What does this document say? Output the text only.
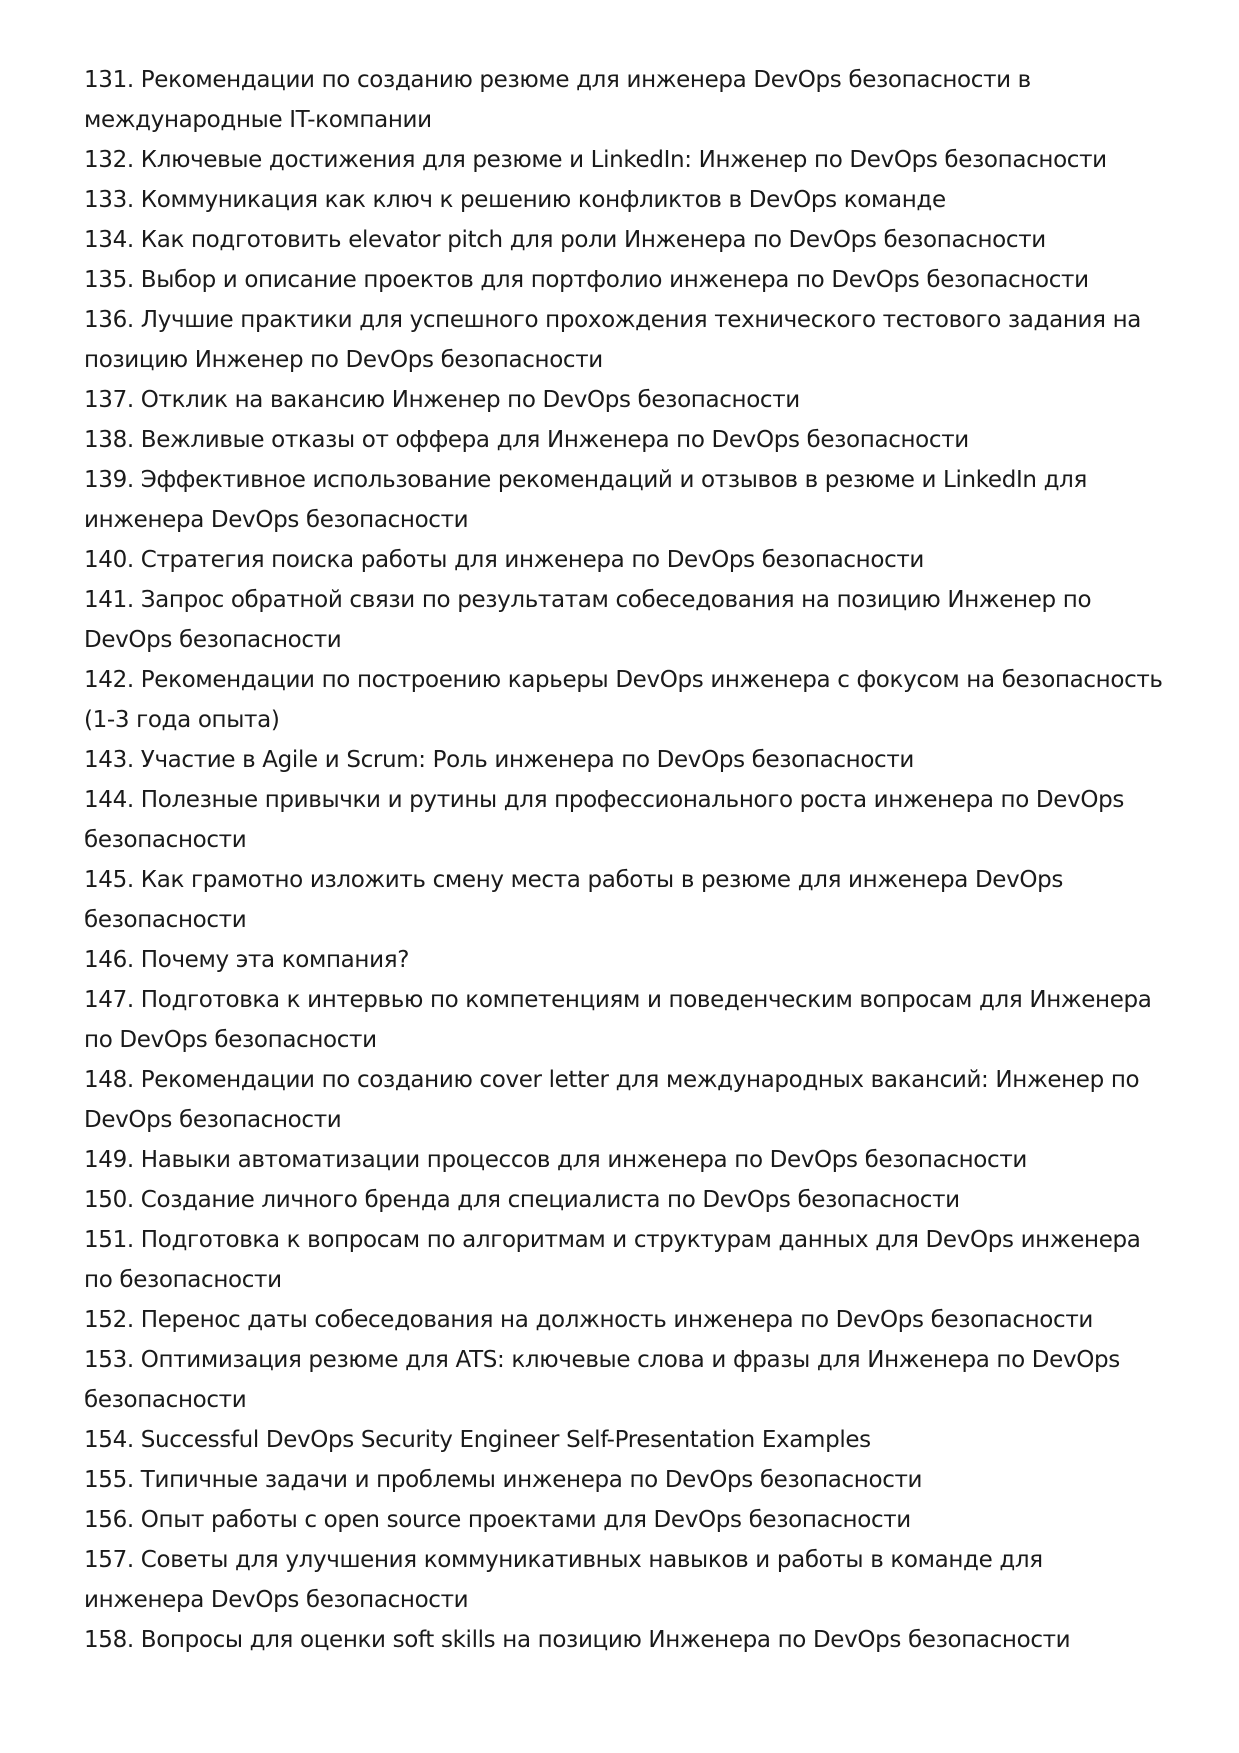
131. Рекомендации по созданию резюме для инженера DevOps безопасности в международные IT-компании
132. Ключевые достижения для резюме и LinkedIn: Инженер по DevOps безопасности
133. Коммуникация как ключ к решению конфликтов в DevOps команде
134. Как подготовить elevator pitch для роли Инженера по DevOps безопасности
135. Выбор и описание проектов для портфолио инженера по DevOps безопасности
136. Лучшие практики для успешного прохождения технического тестового задания на позицию Инженер по DevOps безопасности
137. Отклик на вакансию Инженер по DevOps безопасности
138. Вежливые отказы от оффера для Инженера по DevOps безопасности
139. Эффективное использование рекомендаций и отзывов в резюме и LinkedIn для инженера DevOps безопасности
140. Стратегия поиска работы для инженера по DevOps безопасности
141. Запрос обратной связи по результатам собеседования на позицию Инженер по DevOps безопасности
142. Рекомендации по построению карьеры DevOps инженера с фокусом на безопасность (1-3 года опыта)
143. Участие в Agile и Scrum: Роль инженера по DevOps безопасности
144. Полезные привычки и рутины для профессионального роста инженера по DevOps безопасности
145. Как грамотно изложить смену места работы в резюме для инженера DevOps безопасности
146. Почему эта компания?
147. Подготовка к интервью по компетенциям и поведенческим вопросам для Инженера по DevOps безопасности
148. Рекомендации по созданию cover letter для международных вакансий: Инженер по DevOps безопасности
149. Навыки автоматизации процессов для инженера по DevOps безопасности
150. Создание личного бренда для специалиста по DevOps безопасности
151. Подготовка к вопросам по алгоритмам и структурам данных для DevOps инженера по безопасности
152. Перенос даты собеседования на должность инженера по DevOps безопасности
153. Оптимизация резюме для ATS: ключевые слова и фразы для Инженера по DevOps безопасности
154. Successful DevOps Security Engineer Self-Presentation Examples
155. Типичные задачи и проблемы инженера по DevOps безопасности
156. Опыт работы с open source проектами для DevOps безопасности
157. Советы для улучшения коммуникативных навыков и работы в команде для инженера DevOps безопасности
158. Вопросы для оценки soft skills на позицию Инженера по DevOps безопасности
